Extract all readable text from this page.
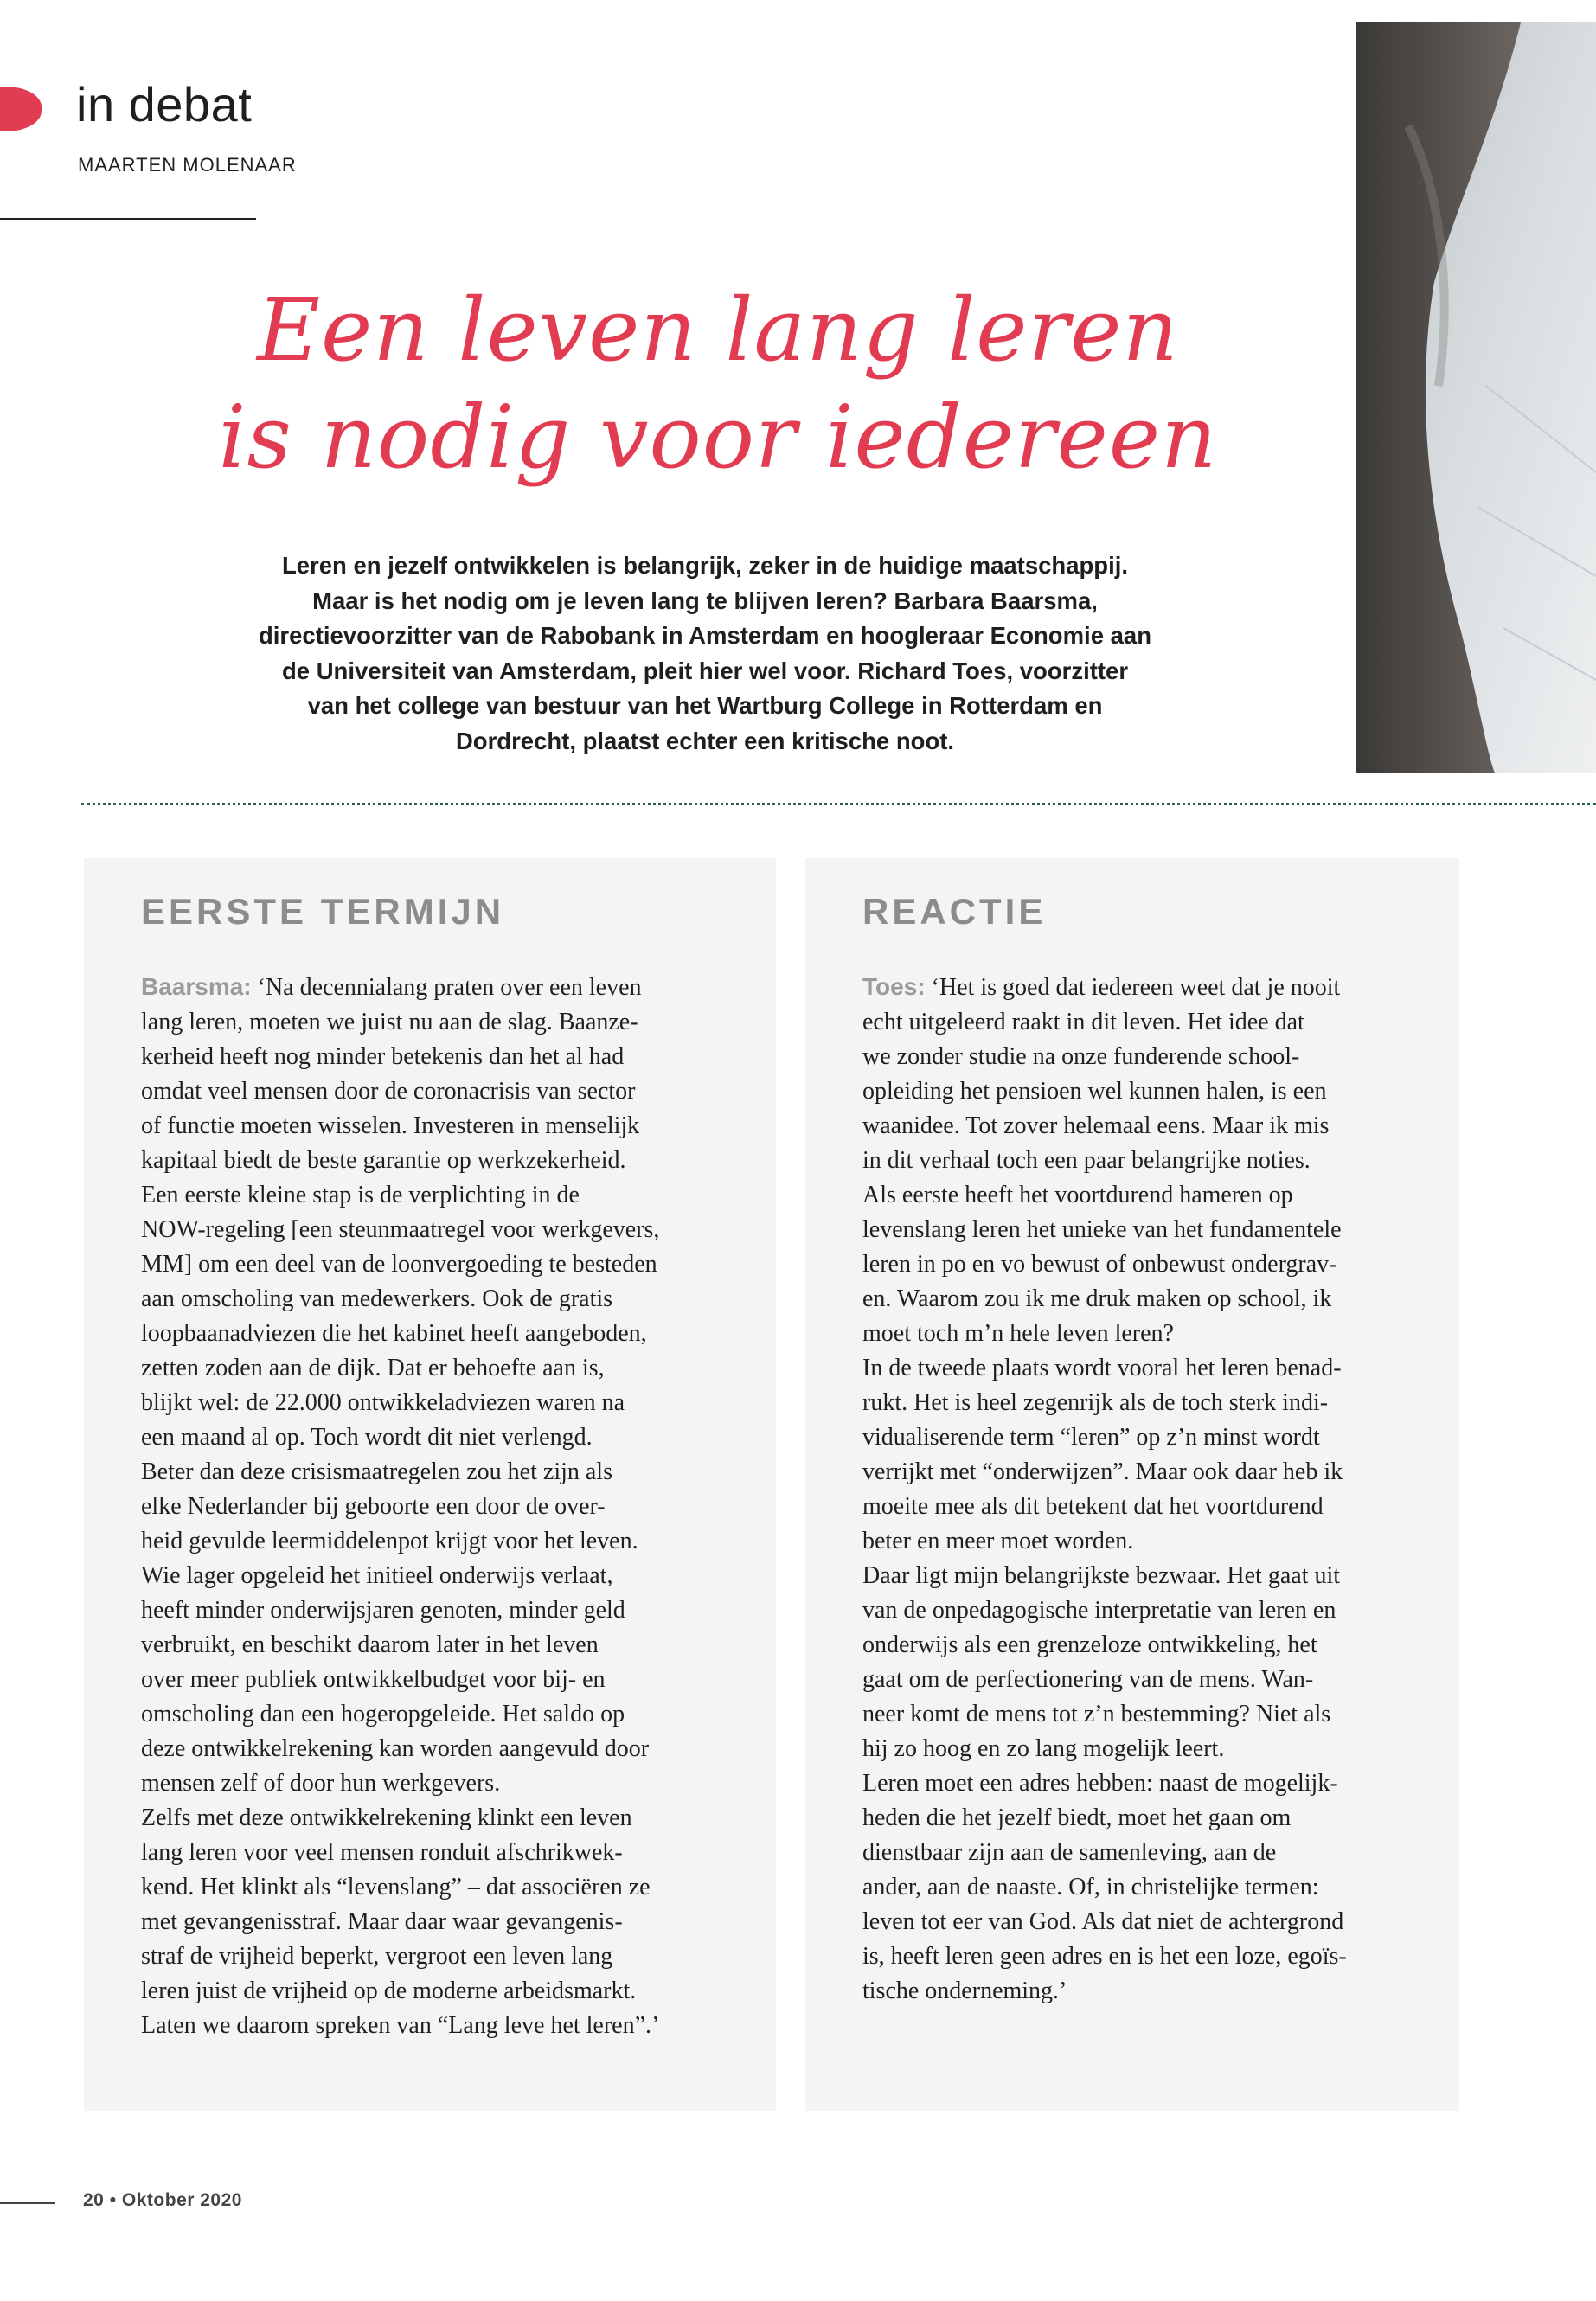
in debat
MAARTEN MOLENAAR
Een leven lang leren
is nodig voor iedereen
Leren en jezelf ontwikkelen is belangrijk, zeker in de huidige maatschappij.
Maar is het nodig om je leven lang te blijven leren? Barbara Baarsma,
directievoorzitter van de Rabobank in Amsterdam en hoogleraar Economie aan
de Universiteit van Amsterdam, pleit hier wel voor. Richard Toes, voorzitter
van het college van bestuur van het Wartburg College in Rotterdam en
Dordrecht, plaatst echter een kritische noot.
EERSTE TERMIJN
Baarsma: ‘Na decennialang praten over een leven
lang leren, moeten we juist nu aan de slag. Baanze-
kerheid heeft nog minder betekenis dan het al had
omdat veel mensen door de coronacrisis van sector
of functie moeten wisselen. Investeren in menselijk
kapitaal biedt de beste garantie op werkzekerheid.
Een eerste kleine stap is de verplichting in de
NOW-regeling [een steunmaatregel voor werkgevers,
MM] om een deel van de loonvergoeding te besteden
aan omscholing van medewerkers. Ook de gratis
loopbaanadviezen die het kabinet heeft aangeboden,
zetten zoden aan de dijk. Dat er behoefte aan is,
blijkt wel: de 22.000 ontwikkeladviezen waren na
een maand al op. Toch wordt dit niet verlengd.
Beter dan deze crisismaatregelen zou het zijn als
elke Nederlander bij geboorte een door de over-
heid gevulde leermiddelenpot krijgt voor het leven.
Wie lager opgeleid het initieel onderwijs verlaat,
heeft minder onderwijsjaren genoten, minder geld
verbruikt, en beschikt daarom later in het leven
over meer publiek ontwikkelbudget voor bij- en
omscholing dan een hogeropgeleide. Het saldo op
deze ontwikkelrekening kan worden aangevuld door
mensen zelf of door hun werkgevers.
Zelfs met deze ontwikkelrekening klinkt een leven
lang leren voor veel mensen ronduit afschrikwek-
kend. Het klinkt als “levenslang” – dat associëren ze
met gevangenisstraf. Maar daar waar gevangenis-
straf de vrijheid beperkt, vergroot een leven lang
leren juist de vrijheid op de moderne arbeidsmarkt.
Laten we daarom spreken van “Lang leve het leren”.’
REACTIE
Toes: ‘Het is goed dat iedereen weet dat je nooit
echt uitgeleerd raakt in dit leven. Het idee dat
we zonder studie na onze funderende school-
opleiding het pensioen wel kunnen halen, is een
waanidee. Tot zover helemaal eens. Maar ik mis
in dit verhaal toch een paar belangrijke noties.
Als eerste heeft het voortdurend hameren op
levenslang leren het unieke van het fundamentele
leren in po en vo bewust of onbewust ondergrav-
en. Waarom zou ik me druk maken op school, ik
moet toch m’n hele leven leren?
In de tweede plaats wordt vooral het leren benad-
rukt. Het is heel zegenrijk als de toch sterk indi-
vidualiserende term “leren” op z’n minst wordt
verrijkt met “onderwijzen”. Maar ook daar heb ik
moeite mee als dit betekent dat het voortdurend
beter en meer moet worden.
Daar ligt mijn belangrijkste bezwaar. Het gaat uit
van de onpedagogische interpretatie van leren en
onderwijs als een grenzeloze ontwikkeling, het
gaat om de perfectionering van de mens. Wan-
neer komt de mens tot z’n bestemming? Niet als
hij zo hoog en zo lang mogelijk leert.
Leren moet een adres hebben: naast de mogelijk-
heden die het jezelf biedt, moet het gaan om
dienstbaar zijn aan de samenleving, aan de
ander, aan de naaste. Of, in christelijke termen:
leven tot eer van God. Als dat niet de achtergrond
is, heeft leren geen adres en is het een loze, egoïs-
tische onderneming.’
20 • Oktober 2020
